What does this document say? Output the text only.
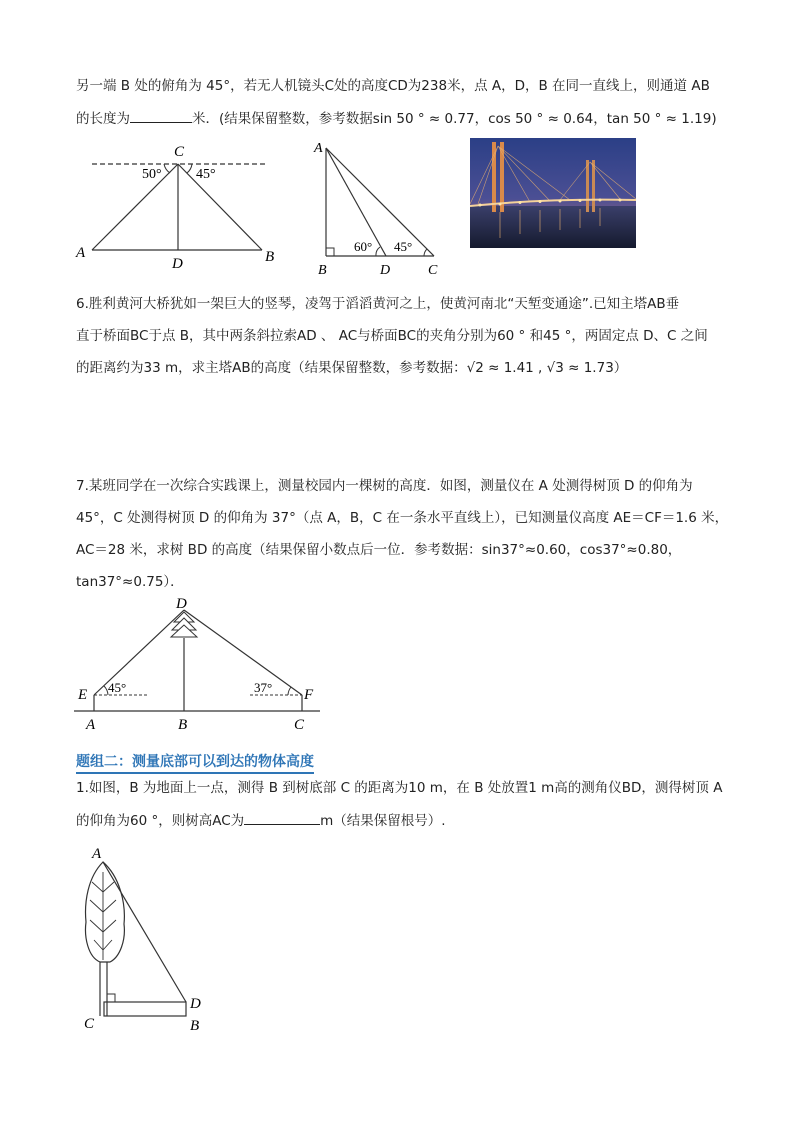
另一端 B 处的俯角为 45°，若无人机镜头C处的高度CD为238米，点 A，D，B 在同一直线上，则通道 AB
的长度为	米．(结果保留整数，参考数据sin 50 ° ≈ 0.77，cos 50 ° ≈ 0.64，tan 50 ° ≈ 1.19)
C
50° 45°
A
D	B
A
B	D	C
60° 45°
6.胜利黄河大桥犹如一架巨大的竖琴，凌驾于滔滔黄河之上，使黄河南北“天堑变通途”.已知主塔AB垂
直于桥面BC于点 B，其中两条斜拉索AD 、 AC与桥面BC的夹角分别为60 ° 和45 °，两固定点 D、C 之间
的距离约为33 m，求主塔AB的高度（结果保留整数，参考数据：√2 ≈ 1.41 , √3 ≈ 1.73）
7.某班同学在一次综合实践课上，测量校园内一棵树的高度．如图，测量仪在 A 处测得树顶 D 的仰角为
45°，C 处测得树顶 D 的仰角为 37°（点 A，B，C 在一条水平直线上），已知测量仪高度 AE＝CF＝1.6 米，
AC＝28 米，求树 BD 的高度（结果保留小数点后一位．参考数据：sin37°≈0.60，cos37°≈0.80，
tan37°≈0.75）．
D
E 45°	37° F
A	B	C
题组二：测量底部可以到达的物体高度
1.如图，B 为地面上一点，测得 B 到树底部 C 的距离为10 m，在 B 处放置1 m高的测角仪BD，测得树顶 A
的仰角为60 °，则树高AC为	m（结果保留根号）.
A
C
D
B
